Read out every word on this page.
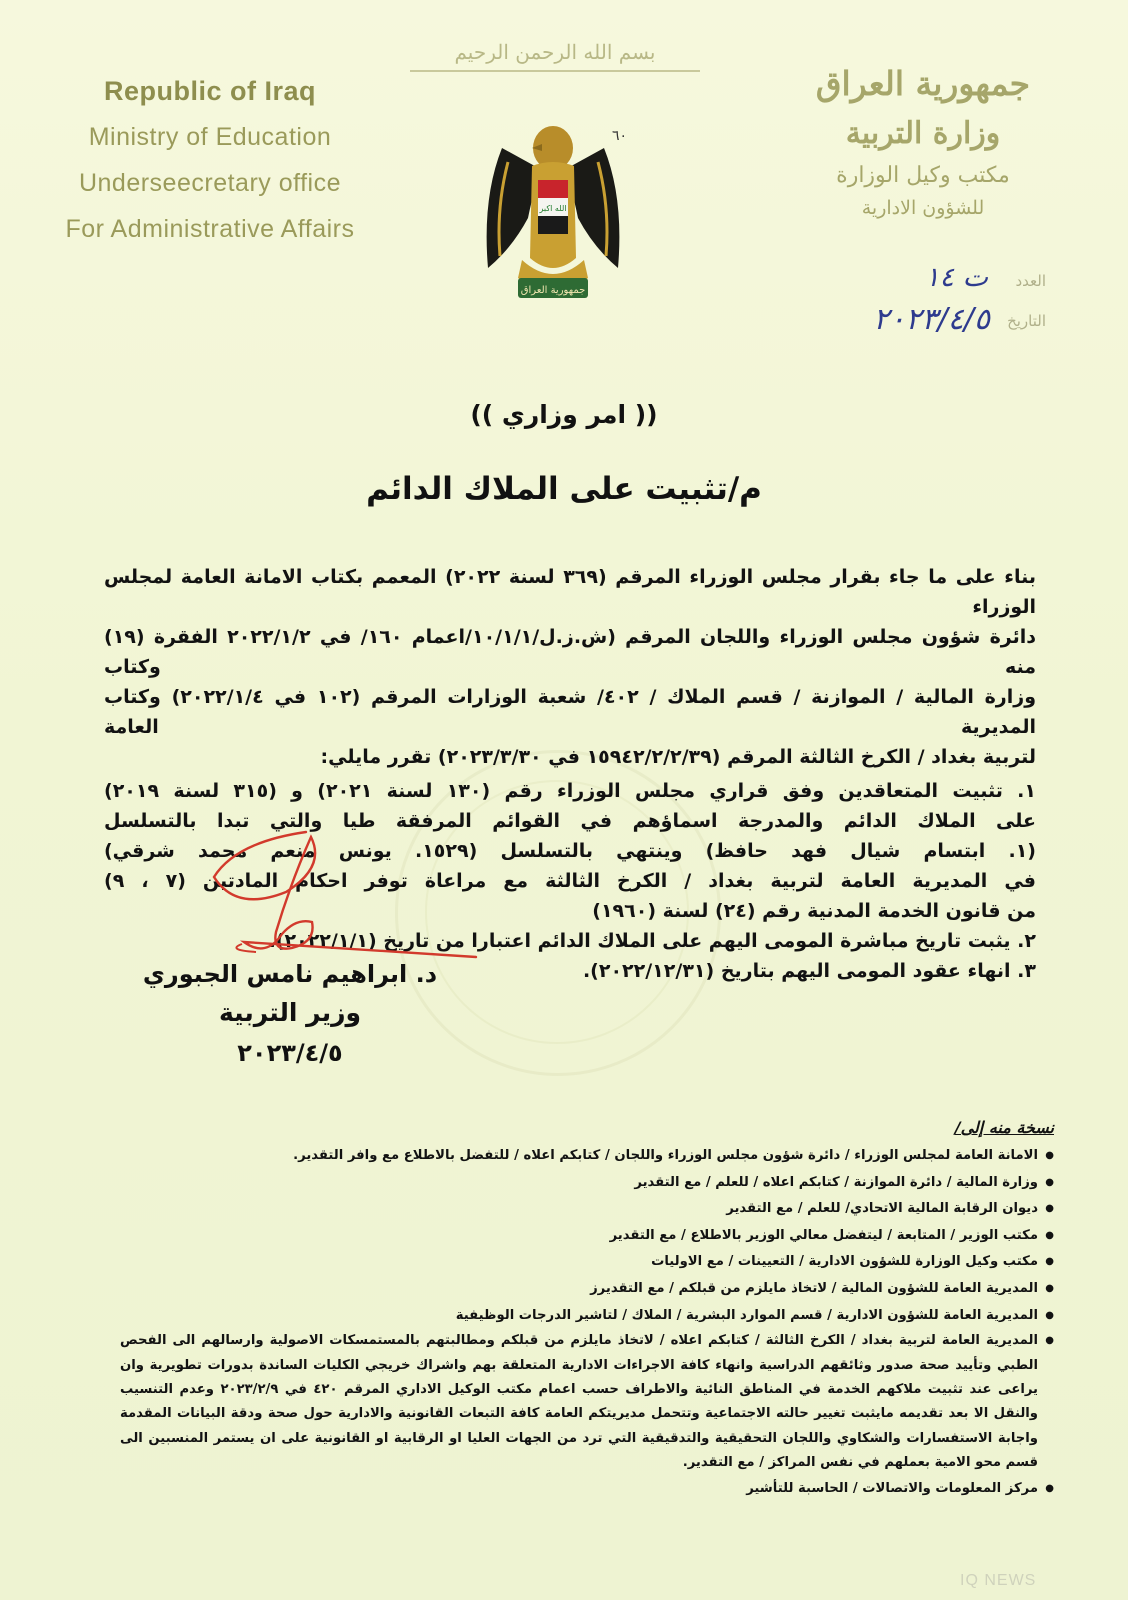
Republic of Iraq
Ministry of Education
Underseecretary office
For Administrative Affairs
بسم الله الرحمن الرحيم
الله اكبر
جمهورية العراق
٦٠
جمهورية العراق
وزارة التربية
مكتب وكيل الوزارة
للشؤون الادارية
العدد
ت ١٤
التاريخ
٢٠٢٣/٤/٥
(( امر وزاري ))
م/تثبيت على الملاك الدائم

بناء على ما جاء بقرار مجلس الوزراء المرقم (٣٦٩ لسنة ٢٠٢٢) المعمم بكتاب الامانة العامة لمجلس الوزراء

دائرة شؤون مجلس الوزراء واللجان المرقم (ش.ز.ل/١٠/١/١/اعمام ١٦٠/ في ٢٠٢٢/١/٢ الفقرة (١٩) منه وكتاب

وزارة المالية / الموازنة / قسم الملاك / ٤٠٢/ شعبة الوزارات المرقم (١٠٢ في ٢٠٢٢/١/٤) وكتاب المديرية العامة

لتربية بغداد / الكرخ الثالثة المرقم (١٥٩٤٢/٢/٢/٣٩ في ٢٠٢٣/٣/٣٠) تقرر مايلي:

١. تثبيت المتعاقدين وفق قراري مجلس الوزراء رقم (١٣٠ لسنة ٢٠٢١) و (٣١٥ لسنة ٢٠١٩)

على الملاك الدائم والمدرجة اسماؤهم في القوائم المرفقة طيا والتي تبدا بالتسلسل

(١. ابتسام شيال فهد حافظ) وينتهي بالتسلسل (١٥٢٩. يونس منعم محمد شرقي)

في المديرية العامة لتربية بغداد / الكرخ الثالثة مع مراعاة توفر احكام المادتين (٧ ، ٩)

من قانون الخدمة المدنية رقم (٢٤) لسنة (١٩٦٠)

٢. يثبت تاريخ مباشرة المومى اليهم على الملاك الدائم اعتبارا من تاريخ (٢٠٢٢/١/١).

٣. انهاء عقود المومى اليهم بتاريخ (٢٠٢٢/١٢/٣١).

د. ابراهيم نامس الجبوري
وزير التربية
٢٠٢٣/٤/٥
نسخة منه إلى/
● الامانة العامة لمجلس الوزراء / دائرة شؤون مجلس الوزراء واللجان / كتابكم اعلاه / للتفضل بالاطلاع مع وافر التقدير.
● وزارة المالية / دائرة الموازنة / كتابكم اعلاه / للعلم / مع التقدير
● ديوان الرقابة المالية الاتحادي/ للعلم / مع التقدير
● مكتب الوزير / المتابعة / ليتفضل معالي الوزير بالاطلاع / مع التقدير
● مكتب وكيل الوزارة للشؤون الادارية / التعيينات / مع الاوليات
● المديرية العامة للشؤون المالية / لاتخاذ مايلزم من قبلكم / مع التقديرز
● المديرية العامة للشؤون الادارية / قسم الموارد البشرية / الملاك / لتاشير الدرجات الوظيفية
● المديرية العامة لتربية بغداد / الكرخ الثالثة / كتابكم اعلاه / لاتخاذ مايلزم من قبلكم ومطالبتهم بالمستمسكات الاصولية وارسالهم الى الفحص الطبي وتأييد صحة صدور وثائقهم الدراسية وانهاء كافة الاجراءات الادارية المتعلقة بهم واشراك خريجي الكليات الساندة بدورات تطويرية وان يراعى عند تثبيت ملاكهم الخدمة في المناطق النائية والاطراف حسب اعمام مكتب الوكيل الاداري المرقم ٤٢٠ في ٢٠٢٣/٢/٩ وعدم التنسيب والنقل الا بعد تقديمه مايثبت تغيير حالته الاجتماعية وتتحمل مديريتكم العامة كافة التبعات القانونية والادارية حول صحة ودقة البيانات المقدمة واجابة الاستفسارات والشكاوي واللجان التحقيقية والتدقيقية التي ترد من الجهات العليا او الرقابية او القانونية على ان يستمر المنسبين الى قسم محو الامية بعملهم في نفس المراكز / مع التقدير.
● مركز المعلومات والاتصالات / الحاسبة للتأشير
IQ NEWS
